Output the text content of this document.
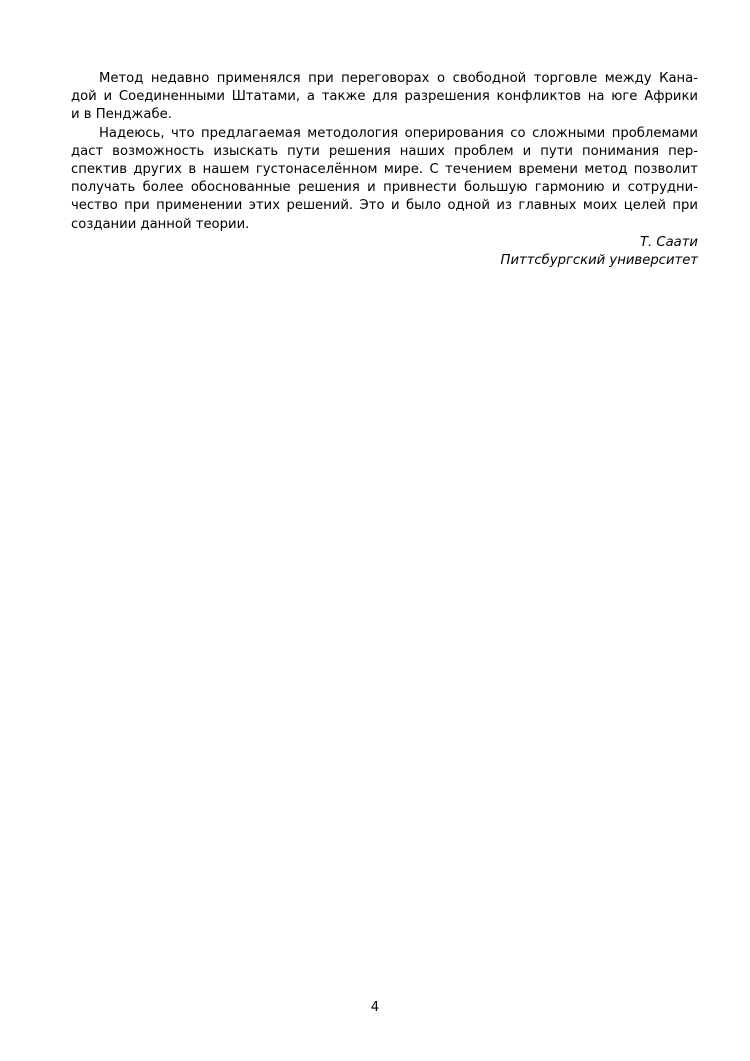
Метод недавно применялся при переговорах о свободной торговле между Кана-
дой и Соединенными Штатами, а также для разрешения конфликтов на юге Африки
и в Пенджабе.
Надеюсь, что предлагаемая методология оперирования со сложными проблемами
даст возможность изыскать пути решения наших проблем и пути понимания пер-
спектив других в нашем густонаселённом мире. С течением времени метод позволит
получать более обоснованные решения и привнести большую гармонию и сотрудни-
чество при применении этих решений. Это и было одной из главных моих целей при
создании данной теории.
Т. Саати
Питтсбургский университет
4
